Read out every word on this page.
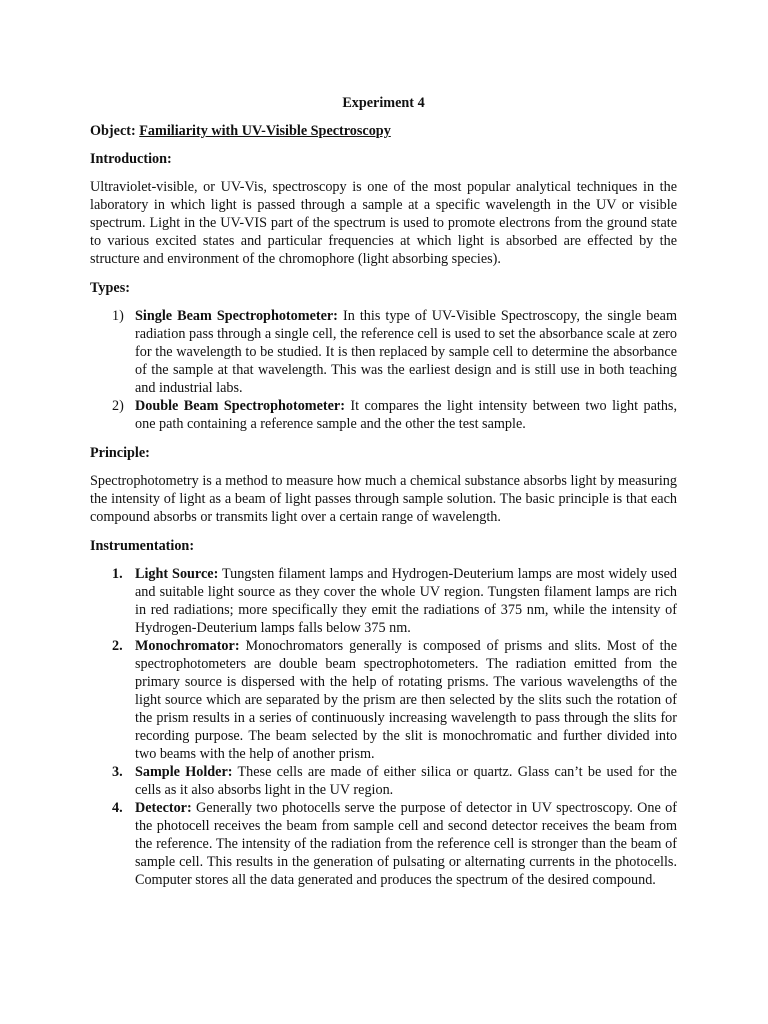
Experiment 4

Object: Familiarity with UV-Visible Spectroscopy

Introduction:

Ultraviolet-visible, or UV-Vis, spectroscopy is one of the most popular analytical techniques in the laboratory in which light is passed through a sample at a specific wavelength in the UV or visible spectrum. Light in the UV-VIS part of the spectrum is used to promote electrons from the ground state to various excited states and particular frequencies at which light is absorbed are effected by the structure and environment of the chromophore (light absorbing species).

Types:

1) Single Beam Spectrophotometer: In this type of UV-Visible Spectroscopy, the single beam radiation pass through a single cell, the reference cell is used to set the absorbance scale at zero for the wavelength to be studied. It is then replaced by sample cell to determine the absorbance of the sample at that wavelength. This was the earliest design and is still use in both teaching and industrial labs.
2) Double Beam Spectrophotometer: It compares the light intensity between two light paths, one path containing a reference sample and the other the test sample.

Principle:

Spectrophotometry is a method to measure how much a chemical substance absorbs light by measuring the intensity of light as a beam of light passes through sample solution. The basic principle is that each compound absorbs or transmits light over a certain range of wavelength.

Instrumentation:

1. Light Source: Tungsten filament lamps and Hydrogen-Deuterium lamps are most widely used and suitable light source as they cover the whole UV region. Tungsten filament lamps are rich in red radiations; more specifically they emit the radiations of 375 nm, while the intensity of Hydrogen-Deuterium lamps falls below 375 nm.
2. Monochromator: Monochromators generally is composed of prisms and slits. Most of the spectrophotometers are double beam spectrophotometers. The radiation emitted from the primary source is dispersed with the help of rotating prisms. The various wavelengths of the light source which are separated by the prism are then selected by the slits such the rotation of the prism results in a series of continuously increasing wavelength to pass through the slits for recording purpose. The beam selected by the slit is monochromatic and further divided into two beams with the help of another prism.
3. Sample Holder: These cells are made of either silica or quartz. Glass can’t be used for the cells as it also absorbs light in the UV region.
4. Detector: Generally two photocells serve the purpose of detector in UV spectroscopy. One of the photocell receives the beam from sample cell and second detector receives the beam from the reference. The intensity of the radiation from the reference cell is stronger than the beam of sample cell. This results in the generation of pulsating or alternating currents in the photocells. Computer stores all the data generated and produces the spectrum of the desired compound.
